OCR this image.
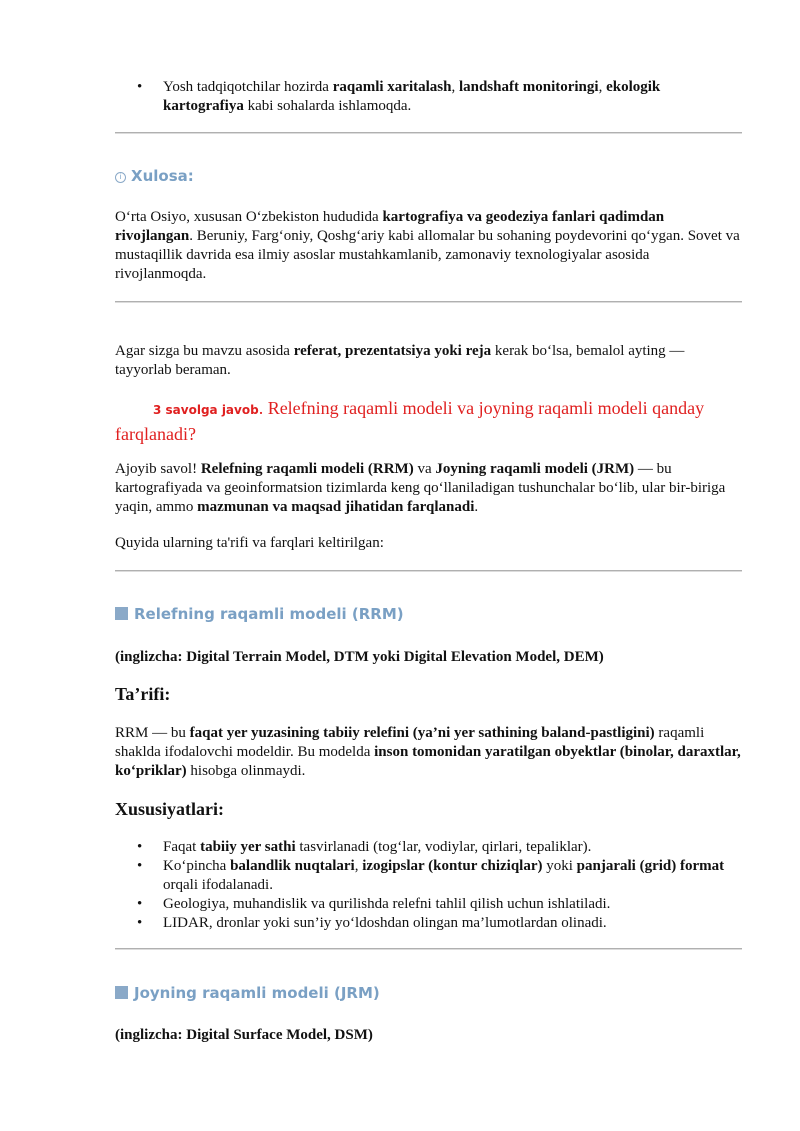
• Yosh tadqiqotchilar hozirda raqamli xaritalash, landshaft monitoringi, ekologik kartografiya kabi sohalarda ishlamoqda.
i Xulosa:
O‘rta Osiyo, xususan O‘zbekiston hududida kartografiya va geodeziya fanlari qadimdan rivojlangan. Beruniy, Farg‘oniy, Qoshg‘ariy kabi allomalar bu sohaning poydevorini qo‘ygan. Sovet va mustaqillik davrida esa ilmiy asoslar mustahkamlanib, zamonaviy texnologiyalar asosida rivojlanmoqda.
Agar sizga bu mavzu asosida referat, prezentatsiya yoki reja kerak bo‘lsa, bemalol ayting — tayyorlab beraman.
3 savolga javob. Relefning raqamli modeli va joyning raqamli modeli qanday farqlanadi?
Ajoyib savol! Relefning raqamli modeli (RRM) va Joyning raqamli modeli (JRM) — bu kartografiyada va geoinformatsion tizimlarda keng qo‘llaniladigan tushunchalar bo‘lib, ular bir-biriga yaqin, ammo mazmunan va maqsad jihatidan farqlanadi.
Quyida ularning ta'rifi va farqlari keltirilgan:
Relefning raqamli modeli (RRM)
(inglizcha: Digital Terrain Model, DTM yoki Digital Elevation Model, DEM)
Ta’rifi:
RRM — bu faqat yer yuzasining tabiiy relefini (ya’ni yer sathining baland-pastligini) raqamli shaklda ifodalovchi modeldir. Bu modelda inson tomonidan yaratilgan obyektlar (binolar, daraxtlar, ko‘priklar) hisobga olinmaydi.
Xususiyatlari:
• Faqat tabiiy yer sathi tasvirlanadi (tog‘lar, vodiylar, qirlari, tepaliklar).
• Ko‘pincha balandlik nuqtalari, izogipslar (kontur chiziqlar) yoki panjarali (grid) format orqali ifodalanadi.
• Geologiya, muhandislik va qurilishda relefni tahlil qilish uchun ishlatiladi.
• LIDAR, dronlar yoki sun’iy yo‘ldoshdan olingan ma’lumotlardan olinadi.
Joyning raqamli modeli (JRM)
(inglizcha: Digital Surface Model, DSM)
